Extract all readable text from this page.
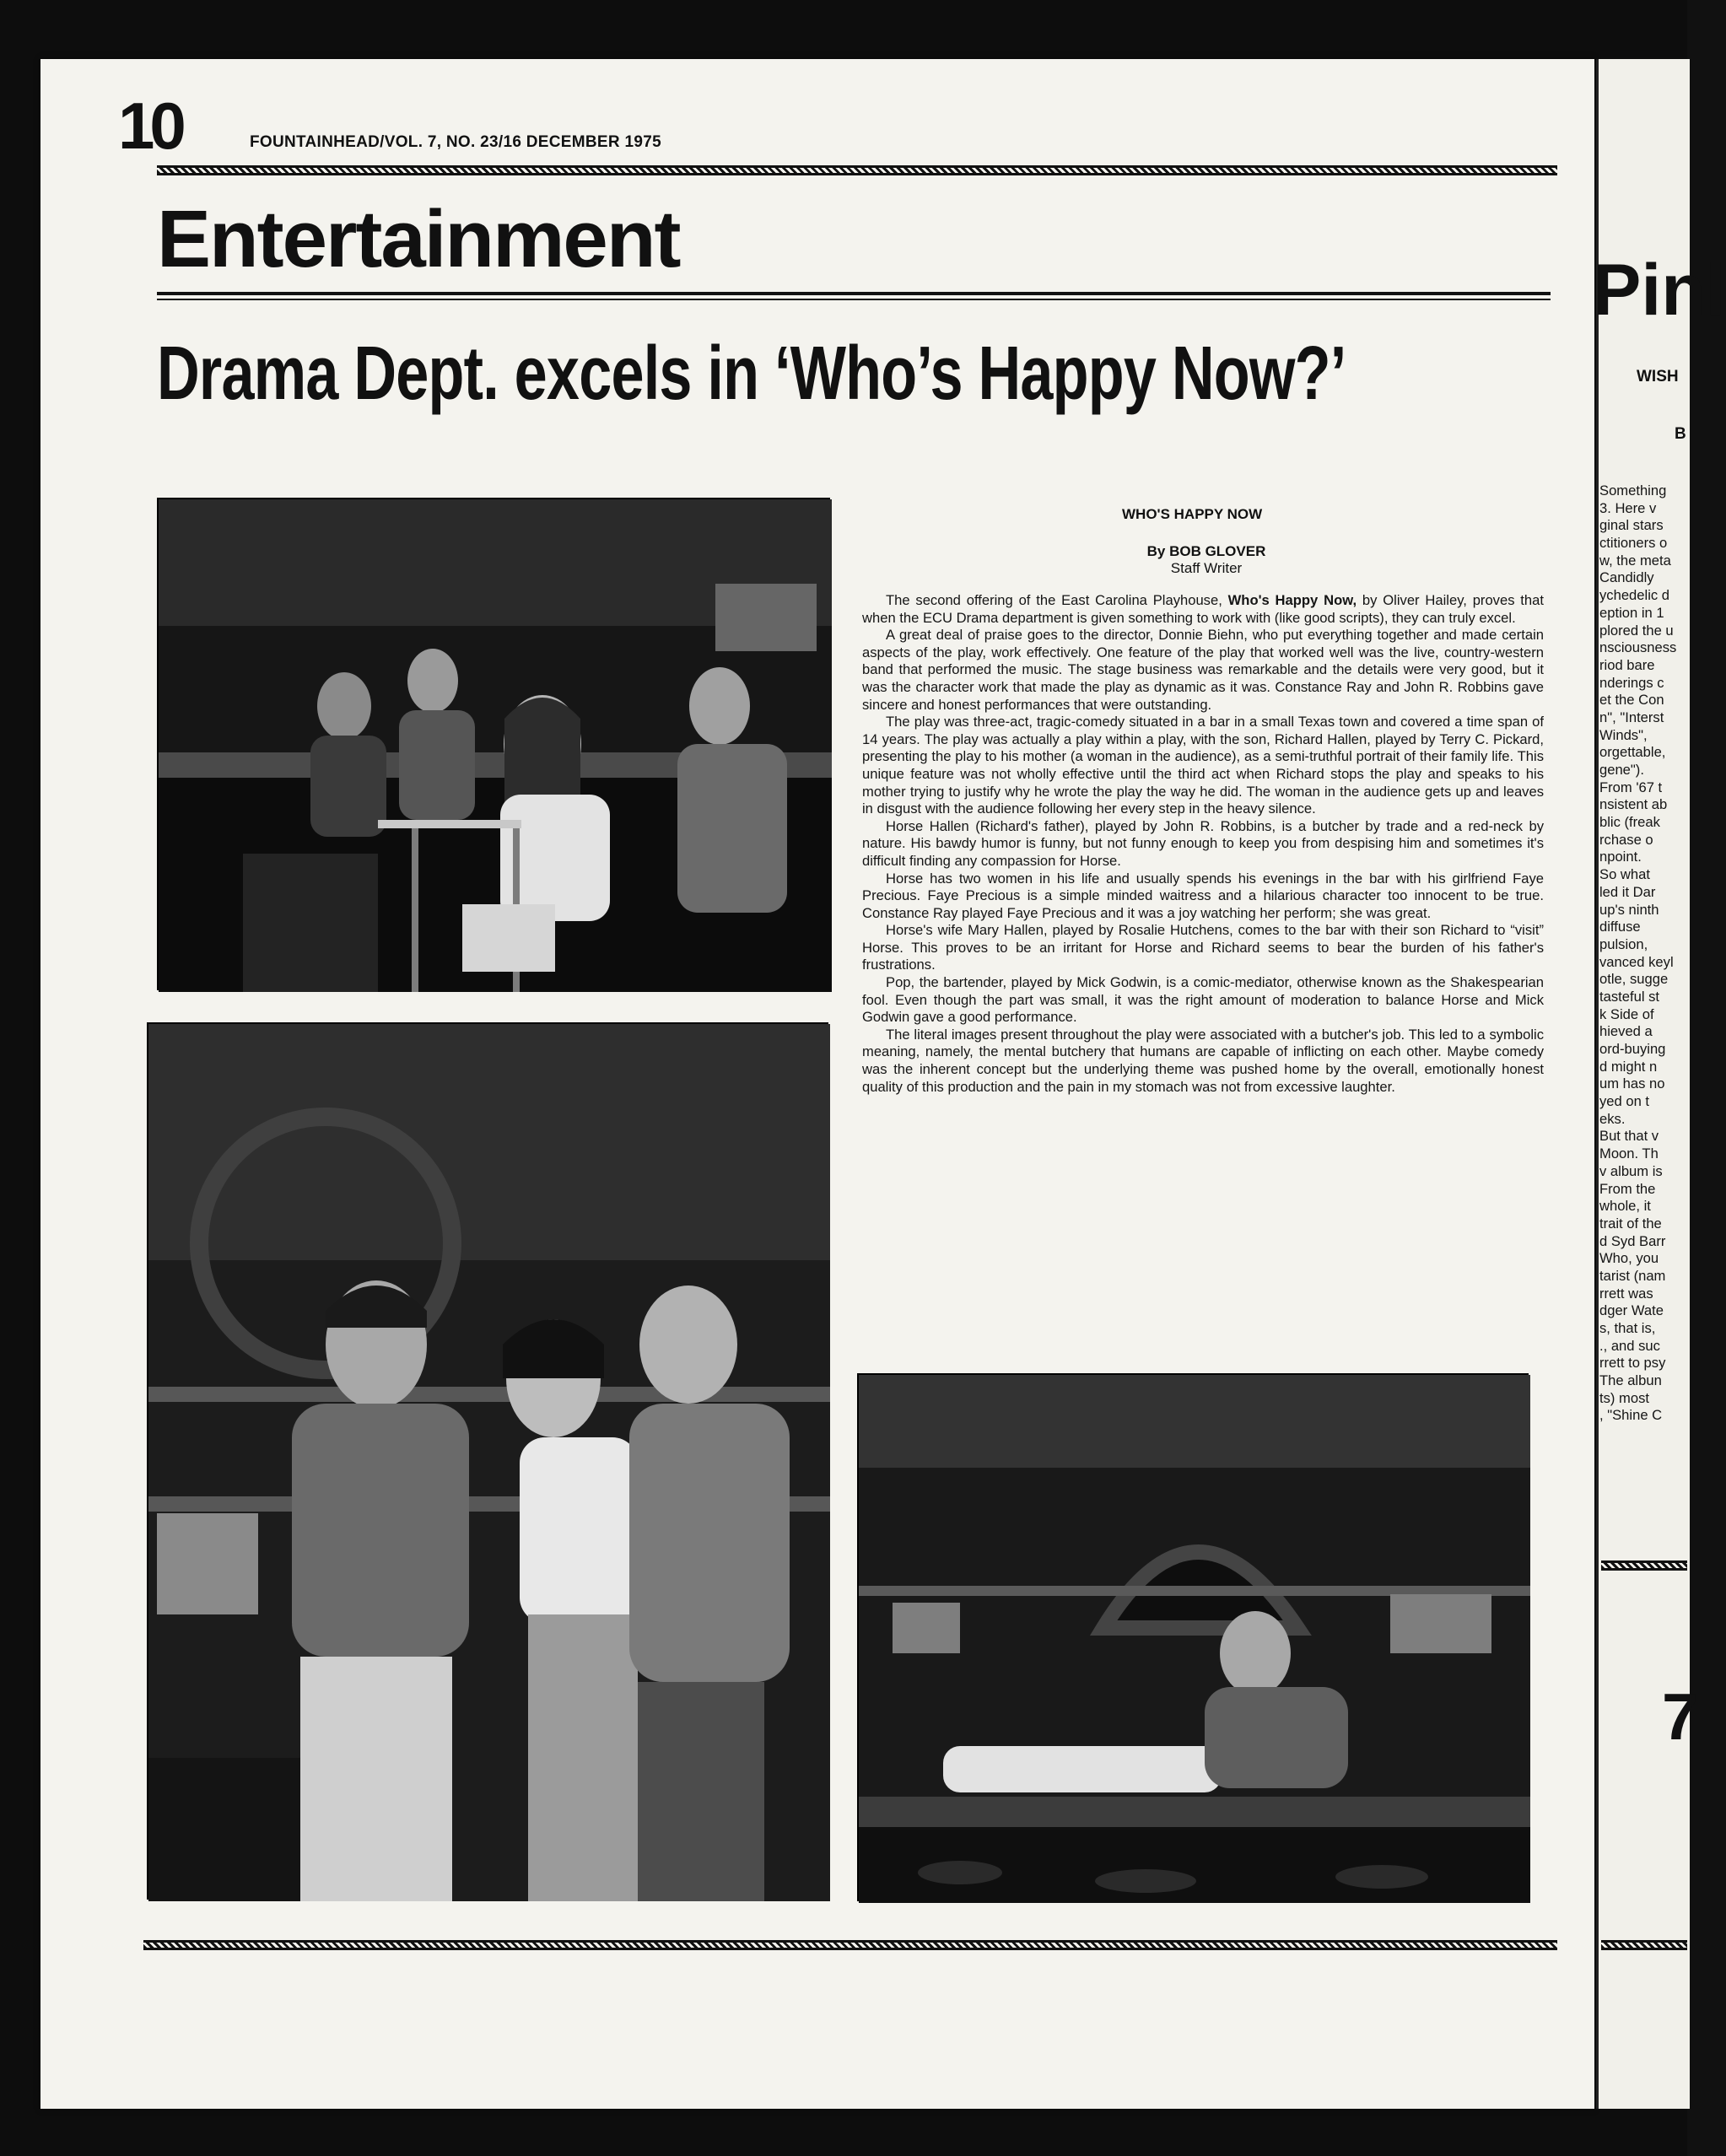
10	FOUNTAINHEAD/VOL. 7, NO. 23/16 DECEMBER 1975
Entertainment
Drama Dept. excels in ‘Who’s Happy Now?’
WHO'S HAPPY NOW
By BOB GLOVER
Staff Writer

The second offering of the East Carolina Playhouse, Who's Happy Now, by Oliver Hailey, proves that when the ECU Drama department is given something to work with (like good scripts), they can truly excel.

A great deal of praise goes to the director, Donnie Biehn, who put everything together and made certain aspects of the play, work effectively. One feature of the play that worked well was the live, country-western band that performed the music. The stage business was remarkable and the details were very good, but it was the character work that made the play as dynamic as it was. Constance Ray and John R. Robbins gave sincere and honest performances that were outstanding.

The play was three-act, tragic-comedy situated in a bar in a small Texas town and covered a time span of 14 years. The play was actually a play within a play, with the son, Richard Hallen, played by Terry C. Pickard, presenting the play to his mother (a woman in the audience), as a semi-truthful portrait of their family life. This unique feature was not wholly effective until the third act when Richard stops the play and speaks to his mother trying to justify why he wrote the play the way he did. The woman in the audience gets up and leaves in disgust with the audience following her every step in the heavy silence.

Horse Hallen (Richard's father), played by John R. Robbins, is a butcher by trade and a red-neck by nature. His bawdy humor is funny, but not funny enough to keep you from despising him and sometimes it's difficult finding any compassion for Horse.

Horse has two women in his life and usually spends his evenings in the bar with his girlfriend Faye Precious. Faye Precious is a simple minded waitress and a hilarious character too innocent to be true. Constance Ray played Faye Precious and it was a joy watching her perform; she was great.

Horse's wife Mary Hallen, played by Rosalie Hutchens, comes to the bar with their son Richard to “visit” Horse. This proves to be an irritant for Horse and Richard seems to bear the burden of his father's frustrations.

Pop, the bartender, played by Mick Godwin, is a comic-mediator, otherwise known as the Shakespearian fool. Even though the part was small, it was the right amount of moderation to balance Horse and Mick Godwin gave a good performance.

The literal images present throughout the play were associated with a butcher's job. This led to a symbolic meaning, namely, the mental butchery that humans are capable of inflicting on each other. Maybe comedy was the inherent concept but the underlying theme was pushed home by the overall, emotionally honest quality of this production and the pain in my stomach was not from excessive laughter.

Pinl
WISH
B
Something
3. Here v
ginal stars
ctitioners o
w, the meta
Candidly
ychedelic d
eption in 1
plored the u
nsciousness
riod bare
nderings c
et the Con
n", "Interst
Winds",
orgettable,
gene").
From '67 t
nsistent ab
blic (freak
rchase o
npoint.
So what
led it Dar
up's ninth
diffuse
pulsion,
vanced keyl
otle, sugge
tasteful st
k Side of
hieved a
ord-buying
d might n
um has no
yed on t
eks.
But that v
Moon. Th
v album is
From the
whole, it
trait of the
d Syd Barr
Who, you
tarist (nam
rrett was
dger Wate
s, that is,
., and suc
rrett to psy
The albun
ts) most
, "Shine C
7
